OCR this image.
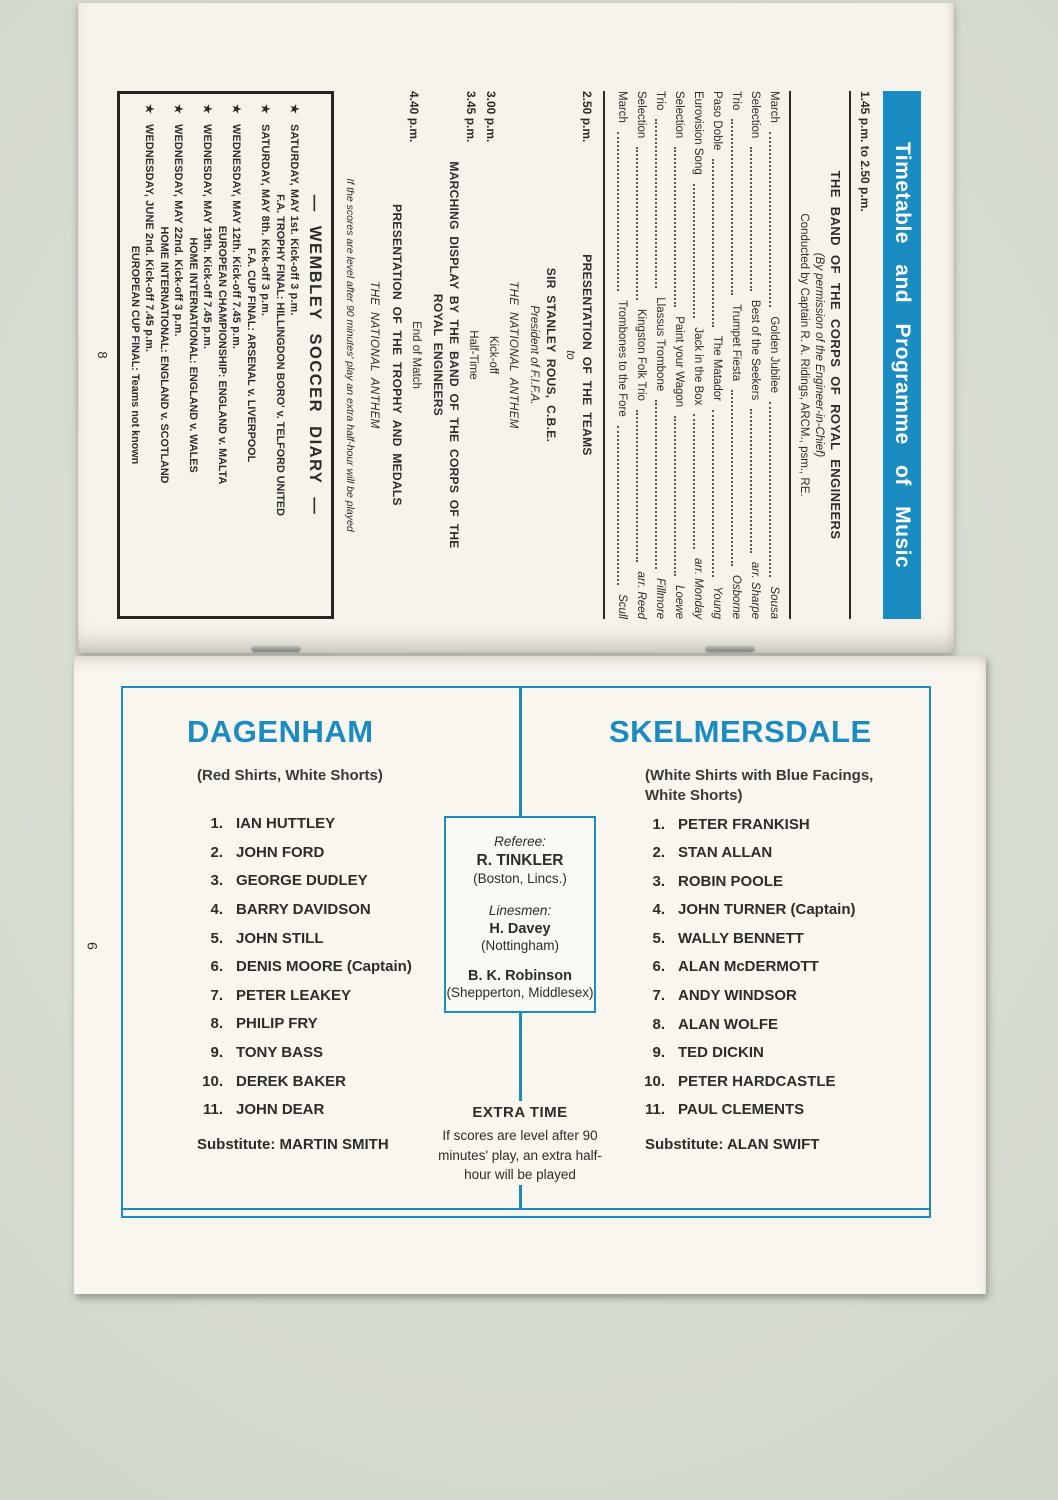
Timetable and Programme of Music
1.45 p.m. to 2.50 p.m.
THE BAND OF THE CORPS OF ROYAL ENGINEERS
(By permission of the Engineer-in-Chief)
Conducted by Captain R. A. Ridings, ARCM., psm., RE.
March
Golden Jubilee
Sousa
Selection
Best of the Seekers
arr. Sharpe
Trio
Trumpet Fiesta
Osborne
Paso Doble
The Matador
Young
Eurovision Song
Jack in the Box
arr. Monday
Selection
Paint your Wagon
Loewe
Trio
Llassus Trombone
Fillmore
Selection
Kingston Folk Trio
arr. Reed
March
Trombones to the Fore
Scull
2.50 p.m.
PRESENTATION OF THE TEAMS
to
SIR STANLEY ROUS, C.B.E.
President of F.I.F.A.
THE NATIONAL ANTHEM
3.00 p.m.
Kick-off
3.45 p.m.
Half-Time
MARCHING DISPLAY BY THE BAND OF THE CORPS OF THE ROYAL ENGINEERS
4.40 p.m.
End of Match
PRESENTATION OF THE TROPHY AND MEDALS
THE NATIONAL ANTHEM
If the scores are level after 90 minutes' play an extra half-hour will be played
— WEMBLEY SOCCER DIARY —
★SATURDAY, MAY 1st. Kick-off 3 p.m.
F.A. TROPHY FINAL: HILLINGDON BORO' v. TELFORD UNITED
★SATURDAY, MAY 8th. Kick-off 3 p.m.
F.A. CUP FINAL: ARSENAL v. LIVERPOOL
★WEDNESDAY, MAY 12th. Kick-off 7.45 p.m.
EUROPEAN CHAMPIONSHIP: ENGLAND v. MALTA
★WEDNESDAY, MAY 19th. Kick-off 7.45 p.m.
HOME INTERNATIONAL: ENGLAND v. WALES
★WEDNESDAY, MAY 22nd. Kick-off 3 p.m.
HOME INTERNATIONAL: ENGLAND v. SCOTLAND
★WEDNESDAY, JUNE 2nd. Kick-off 7.45 p.m.
EUROPEAN CUP FINAL: Teams not known
8
DAGENHAM
(Red Shirts, White Shorts)
1. IAN HUTTLEY
2. JOHN FORD
3. GEORGE DUDLEY
4. BARRY DAVIDSON
5. JOHN STILL
6. DENIS MOORE (Captain)
7. PETER LEAKEY
8. PHILIP FRY
9. TONY BASS
10. DEREK BAKER
11. JOHN DEAR
Substitute: MARTIN SMITH
SKELMERSDALE
(White Shirts with Blue Facings, White Shorts)
1. PETER FRANKISH
2. STAN ALLAN
3. ROBIN POOLE
4. JOHN TURNER (Captain)
5. WALLY BENNETT
6. ALAN McDERMOTT
7. ANDY WINDSOR
8. ALAN WOLFE
9. TED DICKIN
10. PETER HARDCASTLE
11. PAUL CLEMENTS
Substitute: ALAN SWIFT
Referee:
R. TINKLER
(Boston, Lincs.)
Linesmen:
H. Davey
(Nottingham)
B. K. Robinson
(Shepperton, Middlesex)
EXTRA TIME
If scores are level after 90 minutes' play, an extra half-hour will be played
9
